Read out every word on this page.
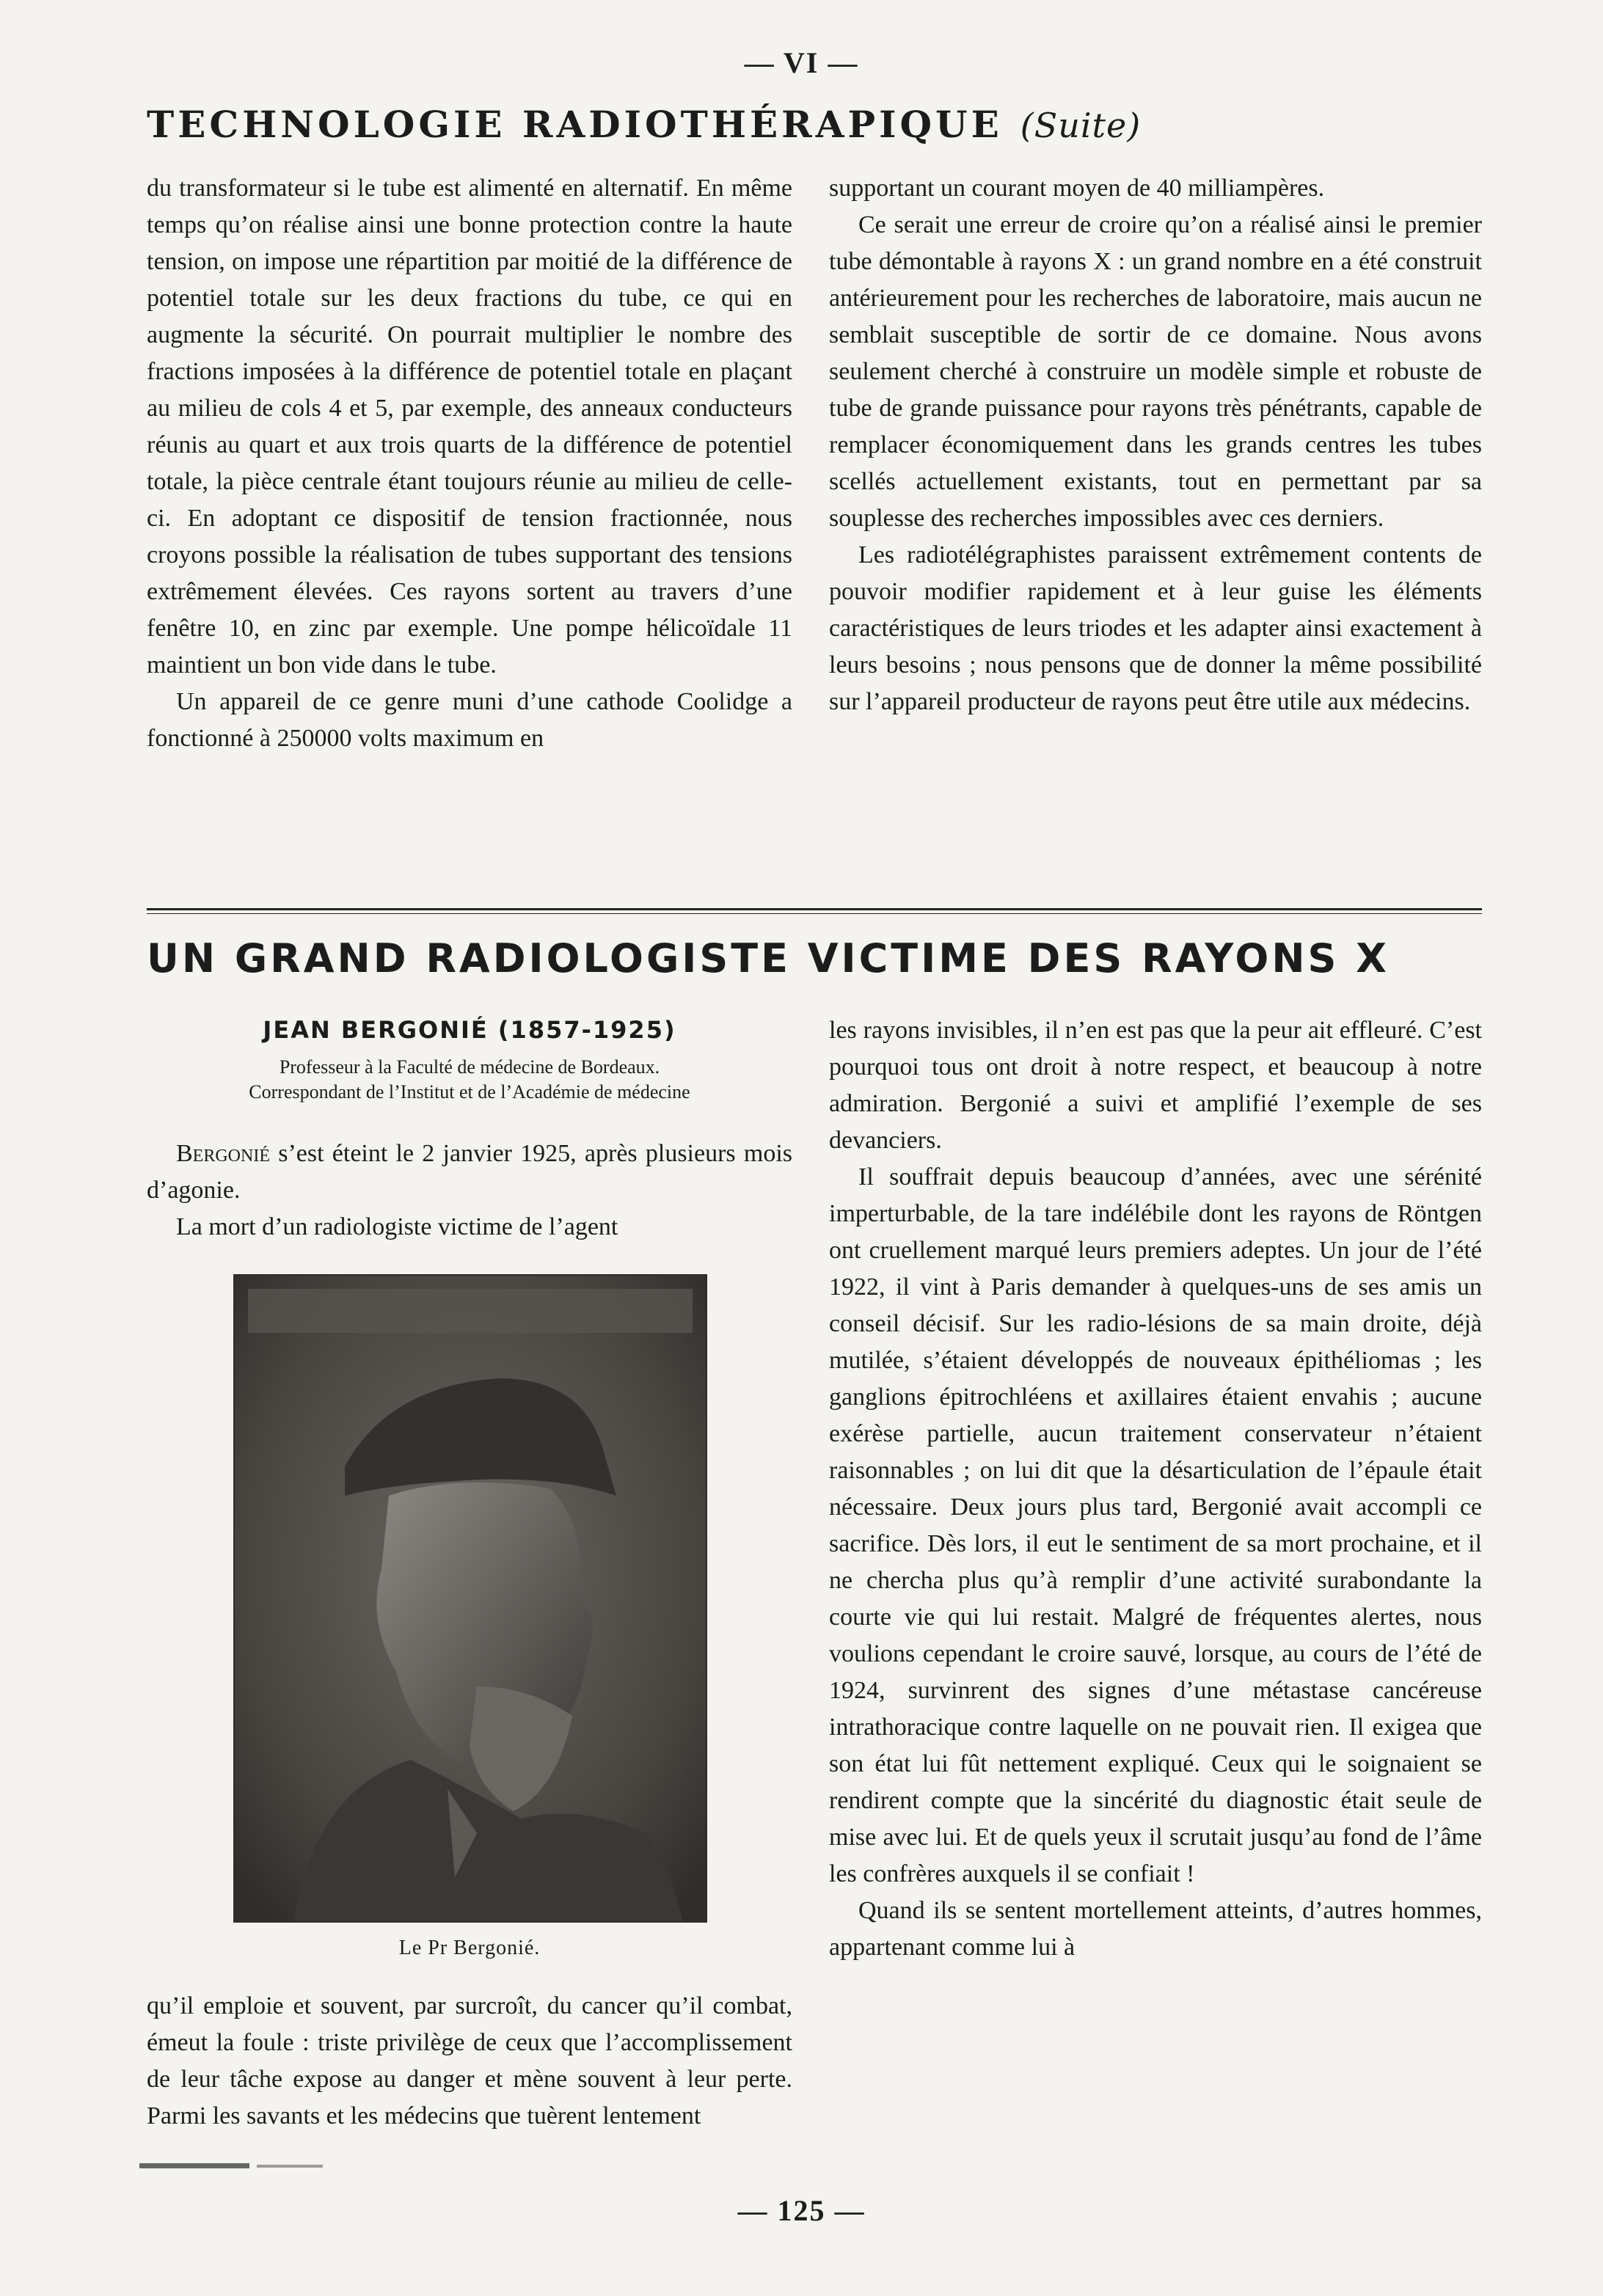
— VI —
TECHNOLOGIE RADIOTHÉRAPIQUE (Suite)

du transformateur si le tube est alimenté en alternatif. En même temps qu’on réalise ainsi une bonne protection contre la haute tension, on impose une répartition par moitié de la différence de potentiel totale sur les deux fractions du tube, ce qui en augmente la sécurité. On pourrait multiplier le nombre des fractions imposées à la différence de potentiel totale en plaçant au milieu de cols 4 et 5, par exemple, des anneaux conducteurs réunis au quart et aux trois quarts de la différence de potentiel totale, la pièce centrale étant toujours réunie au milieu de celle-ci. En adoptant ce dispositif de tension fractionnée, nous croyons possible la réalisation de tubes supportant des tensions extrêmement élevées. Ces rayons sortent au travers d’une fenêtre 10, en zinc par exemple. Une pompe hélicoïdale 11 maintient un bon vide dans le tube.

Un appareil de ce genre muni d’une cathode Coolidge a fonctionné à 250000 volts maximum en

supportant un courant moyen de 40 milliampères.

Ce serait une erreur de croire qu’on a réalisé ainsi le premier tube démontable à rayons X : un grand nombre en a été construit antérieurement pour les recherches de laboratoire, mais aucun ne semblait susceptible de sortir de ce domaine. Nous avons seulement cherché à construire un modèle simple et robuste de tube de grande puissance pour rayons très pénétrants, capable de remplacer économiquement dans les grands centres les tubes scellés actuellement existants, tout en permettant par sa souplesse des recherches impossibles avec ces derniers.

Les radiotélégraphistes paraissent extrêmement contents de pouvoir modifier rapidement et à leur guise les éléments caractéristiques de leurs triodes et les adapter ainsi exactement à leurs besoins ; nous pensons que de donner la même possibilité sur l’appareil producteur de rayons peut être utile aux médecins.

UN GRAND RADIOLOGISTE VICTIME DES RAYONS X
JEAN BERGONIÉ (1857-1925)
Professeur à la Faculté de médecine de Bordeaux.
Correspondant de l’Institut et de l’Académie de médecine

Bergonié s’est éteint le 2 janvier 1925, après plusieurs mois d’agonie.

La mort d’un radiologiste victime de l’agent

Le Pr Bergonié.

qu’il emploie et souvent, par surcroît, du cancer qu’il combat, émeut la foule : triste privilège de ceux que l’accomplissement de leur tâche expose au danger et mène souvent à leur perte. Parmi les savants et les médecins que tuèrent lentement

les rayons invisibles, il n’en est pas que la peur ait effleuré. C’est pourquoi tous ont droit à notre respect, et beaucoup à notre admiration. Bergonié a suivi et amplifié l’exemple de ses devanciers.

Il souffrait depuis beaucoup d’années, avec une sérénité imperturbable, de la tare indélébile dont les rayons de Röntgen ont cruellement marqué leurs premiers adeptes. Un jour de l’été 1922, il vint à Paris demander à quelques-uns de ses amis un conseil décisif. Sur les radio-lésions de sa main droite, déjà mutilée, s’étaient développés de nouveaux épithéliomas ; les ganglions épitrochléens et axillaires étaient envahis ; aucune exérèse partielle, aucun traitement conservateur n’étaient raisonnables ; on lui dit que la désarticulation de l’épaule était nécessaire. Deux jours plus tard, Bergonié avait accompli ce sacrifice. Dès lors, il eut le sentiment de sa mort prochaine, et il ne chercha plus qu’à remplir d’une activité surabondante la courte vie qui lui restait. Malgré de fréquentes alertes, nous voulions cependant le croire sauvé, lorsque, au cours de l’été de 1924, survinrent des signes d’une métastase cancéreuse intrathoracique contre laquelle on ne pouvait rien. Il exigea que son état lui fût nettement expliqué. Ceux qui le soignaient se rendirent compte que la sincérité du diagnostic était seule de mise avec lui. Et de quels yeux il scrutait jusqu’au fond de l’âme les confrères auxquels il se confiait !

Quand ils se sentent mortellement atteints, d’autres hommes, appartenant comme lui à

— 125 —
